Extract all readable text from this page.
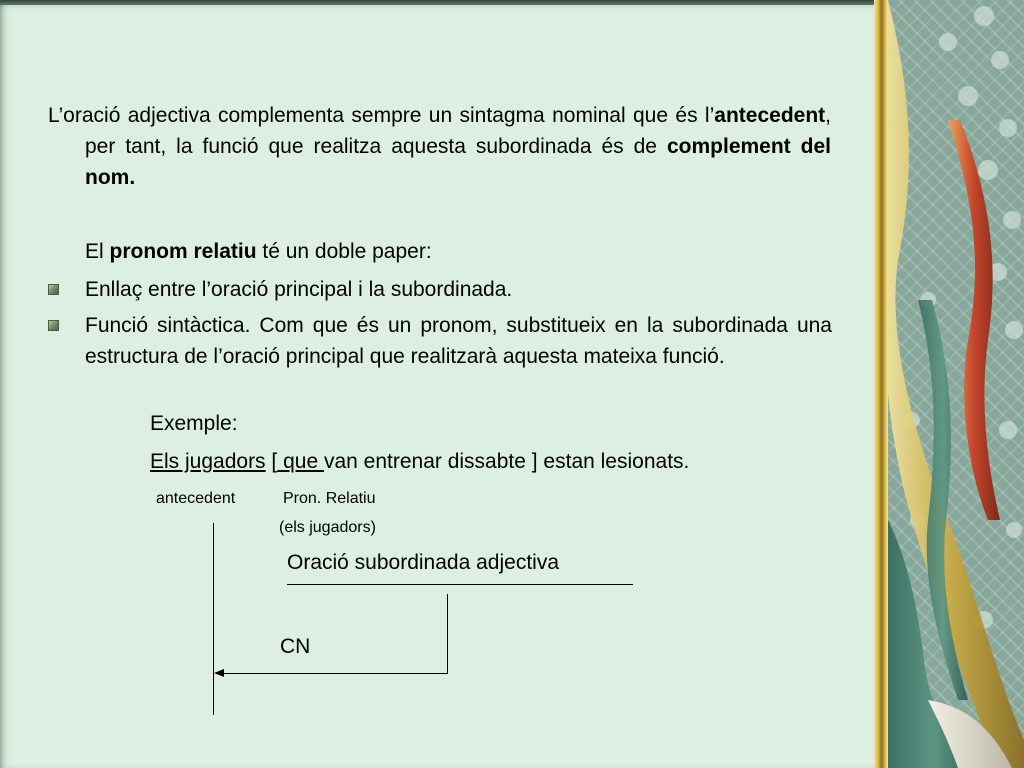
L’oració adjectiva complementa sempre un sintagma nominal que és l’antecedent, per tant, la funció que realitza aquesta subordinada és de complement del nom.
El pronom relatiu té un doble paper:
Enllaç entre l’oració principal i la subordinada.
Funció sintàctica. Com que és un pronom, substitueix en la subordinada una estructura de l’oració principal que realitzarà aquesta mateixa funció.
Exemple:
Els jugadors [ que van entrenar dissabte ] estan lesionats.
antecedent	Pron. Relatiu
(els jugadors)
Oració subordinada adjectiva
CN
